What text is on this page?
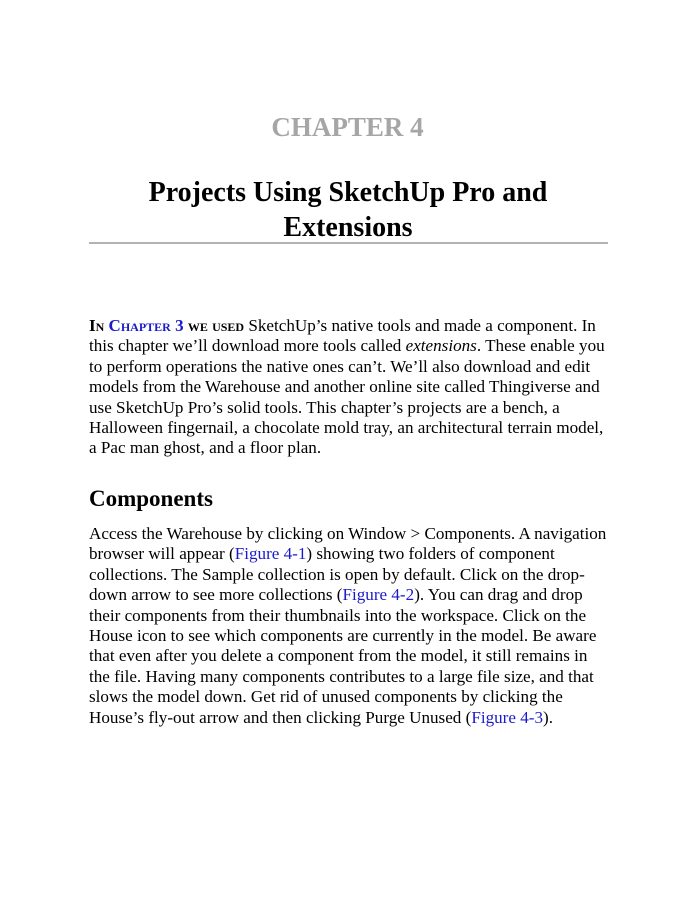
CHAPTER 4
Projects Using SketchUp Pro and Extensions

In Chapter 3 we used SketchUp’s native tools and made a component. In this chapter we’ll download more tools called extensions. These enable you to perform operations the native ones can’t. We’ll also download and edit models from the Warehouse and another online site called Thingiverse and use SketchUp Pro’s solid tools. This chapter’s projects are a bench, a Halloween fingernail, a chocolate mold tray, an architectural terrain model, a Pac man ghost, and a floor plan.

Components

Access the Warehouse by clicking on Window > Components. A navigation browser will appear (Figure 4-1) showing two folders of component collections. The Sample collection is open by default. Click on the drop-down arrow to see more collections (Figure 4-2). You can drag and drop their components from their thumbnails into the workspace. Click on the House icon to see which components are currently in the model. Be aware that even after you delete a component from the model, it still remains in the file. Having many components contributes to a large file size, and that slows the model down. Get rid of unused components by clicking the House’s fly-out arrow and then clicking Purge Unused (Figure 4-3).
